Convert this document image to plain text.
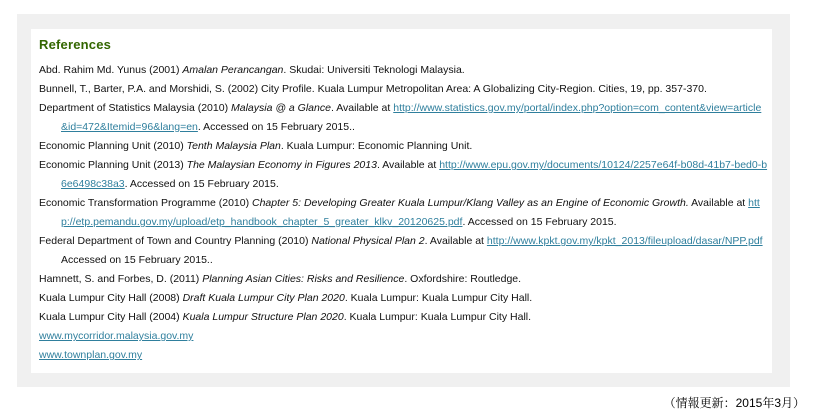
References

Abd. Rahim Md. Yunus (2001) Amalan Perancangan. Skudai: Universiti Teknologi Malaysia.

Bunnell, T., Barter, P.A. and Morshidi, S. (2002) City Profile. Kuala Lumpur Metropolitan Area: A Globalizing City-Region. Cities, 19, pp. 357-370.

Department of Statistics Malaysia (2010) Malaysia @ a Glance. Available at http://www.statistics.gov.my/portal/index.php?option=com_content&view=article&id=472&Itemid=96&lang=en. Accessed on 15 February 2015..

Economic Planning Unit (2010) Tenth Malaysia Plan. Kuala Lumpur: Economic Planning Unit.

Economic Planning Unit (2013) The Malaysian Economy in Figures 2013. Available at http://www.epu.gov.my/documents/10124/2257e64f-b08d-41b7-bed0-b6e6498c38a3. Accessed on 15 February 2015.

Economic Transformation Programme (2010) Chapter 5: Developing Greater Kuala Lumpur/Klang Valley as an Engine of Economic Growth. Available at http://etp.pemandu.gov.my/upload/etp_handbook_chapter_5_greater_klkv_20120625.pdf. Accessed on 15 February 2015.

Federal Department of Town and Country Planning (2010) National Physical Plan 2. Available at http://www.kpkt.gov.my/kpkt_2013/fileupload/dasar/NPP.pdf Accessed on 15 February 2015..

Hamnett, S. and Forbes, D. (2011) Planning Asian Cities: Risks and Resilience. Oxfordshire: Routledge.

Kuala Lumpur City Hall (2008) Draft Kuala Lumpur City Plan 2020. Kuala Lumpur: Kuala Lumpur City Hall.

Kuala Lumpur City Hall (2004) Kuala Lumpur Structure Plan 2020. Kuala Lumpur: Kuala Lumpur City Hall.

www.mycorridor.malaysia.gov.my

www.townplan.gov.my

（情報更新：2015年3月）
